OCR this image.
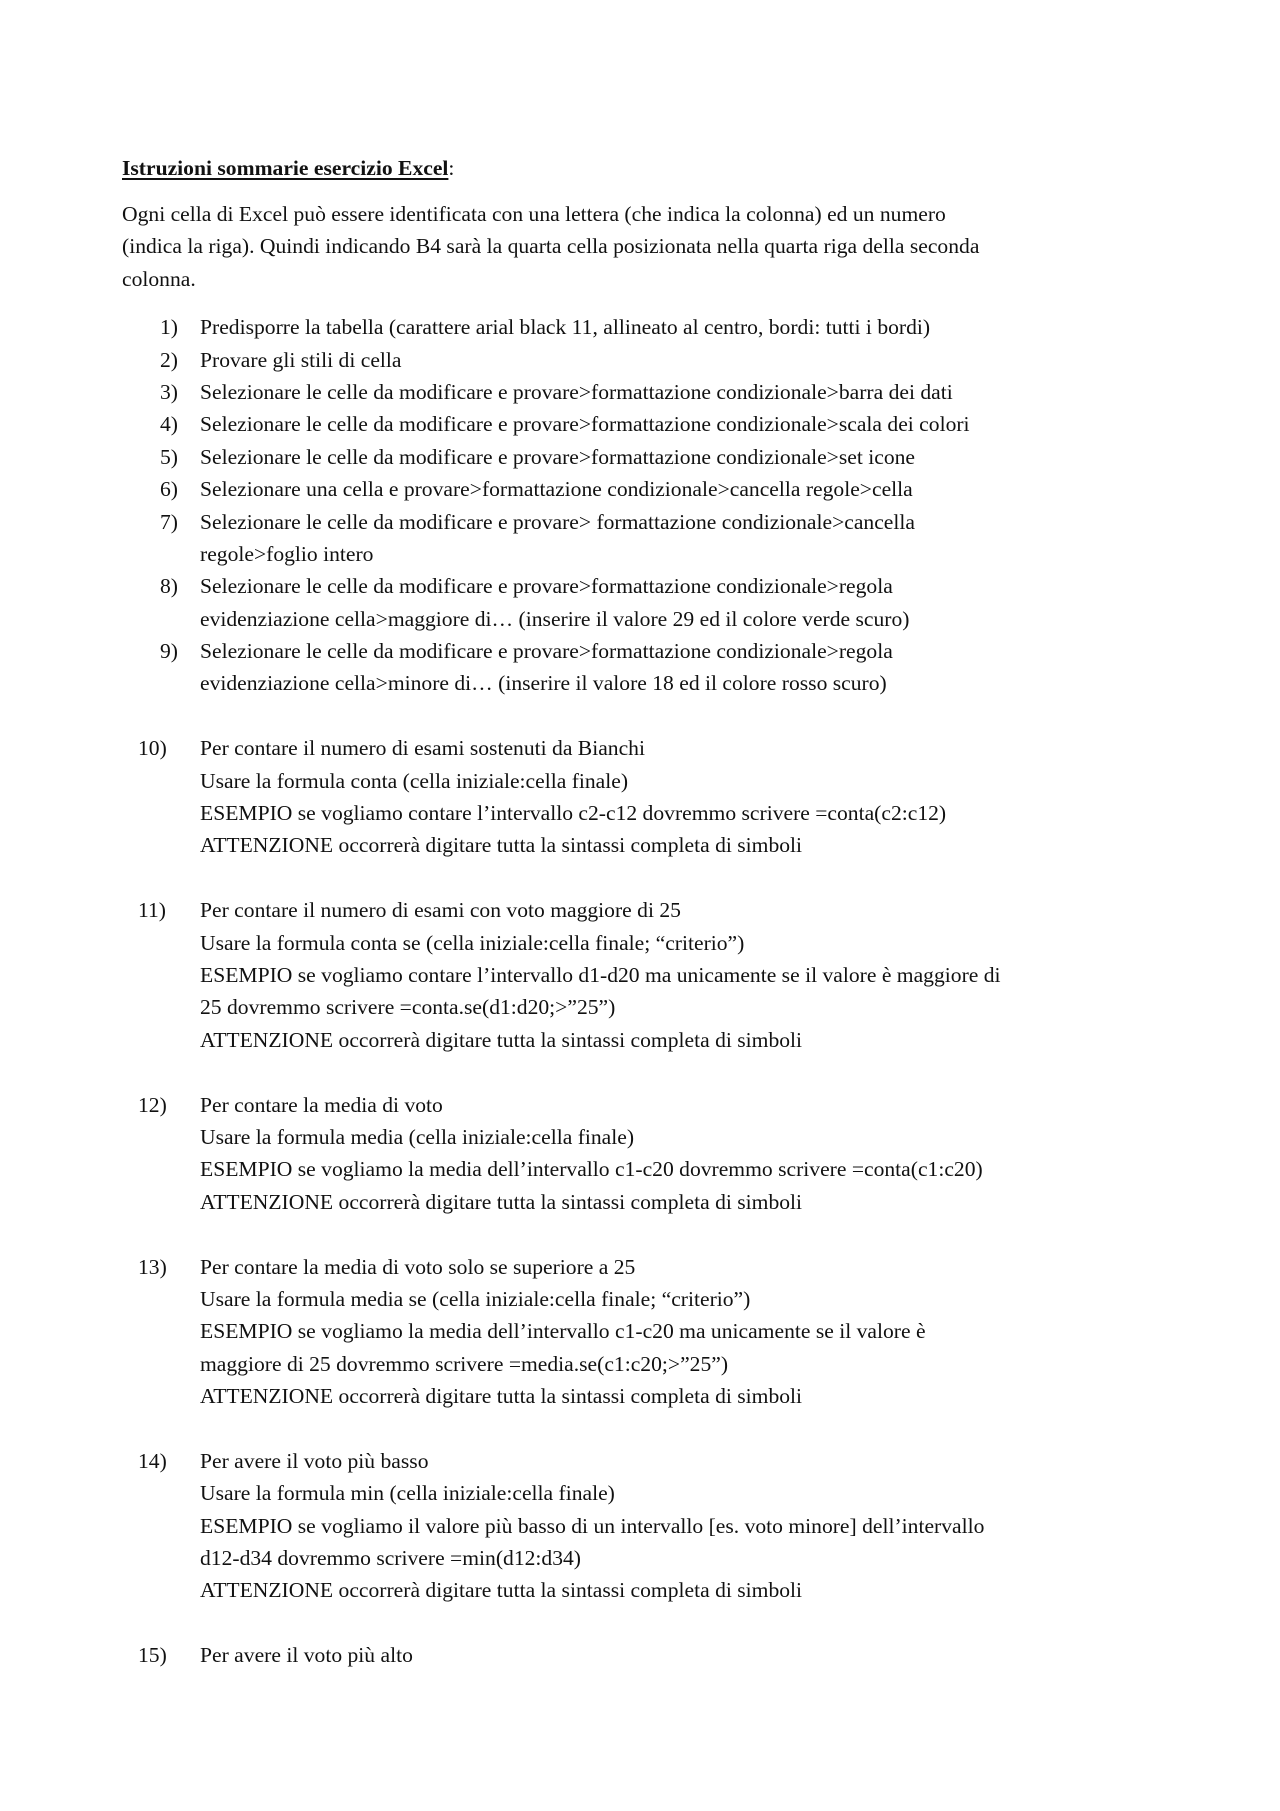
Istruzioni sommarie esercizio Excel:
Ogni cella di Excel può essere identificata con una lettera (che indica la colonna) ed un numero
(indica la riga). Quindi indicando B4 sarà la quarta cella posizionata nella quarta riga della seconda
colonna.
1) Predisporre la tabella (carattere arial black 11, allineato al centro, bordi: tutti i bordi)
2) Provare gli stili di cella
3) Selezionare le celle da modificare e provare>formattazione condizionale>barra dei dati
4) Selezionare le celle da modificare e provare>formattazione condizionale>scala dei colori
5) Selezionare le celle da modificare e provare>formattazione condizionale>set icone
6) Selezionare una cella e provare>formattazione condizionale>cancella regole>cella
7) Selezionare le celle da modificare e provare> formattazione condizionale>cancella
regole>foglio intero
8) Selezionare le celle da modificare e provare>formattazione condizionale>regola
evidenziazione cella>maggiore di… (inserire il valore 29 ed il colore verde scuro)
9) Selezionare le celle da modificare e provare>formattazione condizionale>regola
evidenziazione cella>minore di… (inserire il valore 18 ed il colore rosso scuro)
10) Per contare il numero di esami sostenuti da Bianchi
Usare la formula conta (cella iniziale:cella finale)
ESEMPIO se vogliamo contare l’intervallo c2-c12 dovremmo scrivere =conta(c2:c12)
ATTENZIONE occorrerà digitare tutta la sintassi completa di simboli
11) Per contare il numero di esami con voto maggiore di 25
Usare la formula conta se (cella iniziale:cella finale; “criterio”)
ESEMPIO se vogliamo contare l’intervallo d1-d20 ma unicamente se il valore è maggiore di
25 dovremmo scrivere =conta.se(d1:d20;>”25”)
ATTENZIONE occorrerà digitare tutta la sintassi completa di simboli
12) Per contare la media di voto
Usare la formula media (cella iniziale:cella finale)
ESEMPIO se vogliamo la media dell’intervallo c1-c20 dovremmo scrivere =conta(c1:c20)
ATTENZIONE occorrerà digitare tutta la sintassi completa di simboli
13) Per contare la media di voto solo se superiore a 25
Usare la formula media se (cella iniziale:cella finale; “criterio”)
ESEMPIO se vogliamo la media dell’intervallo c1-c20 ma unicamente se il valore è
maggiore di 25 dovremmo scrivere =media.se(c1:c20;>”25”)
ATTENZIONE occorrerà digitare tutta la sintassi completa di simboli
14) Per avere il voto più basso
Usare la formula min (cella iniziale:cella finale)
ESEMPIO se vogliamo il valore più basso di un intervallo [es. voto minore] dell’intervallo
d12-d34 dovremmo scrivere =min(d12:d34)
ATTENZIONE occorrerà digitare tutta la sintassi completa di simboli
15) Per avere il voto più alto
